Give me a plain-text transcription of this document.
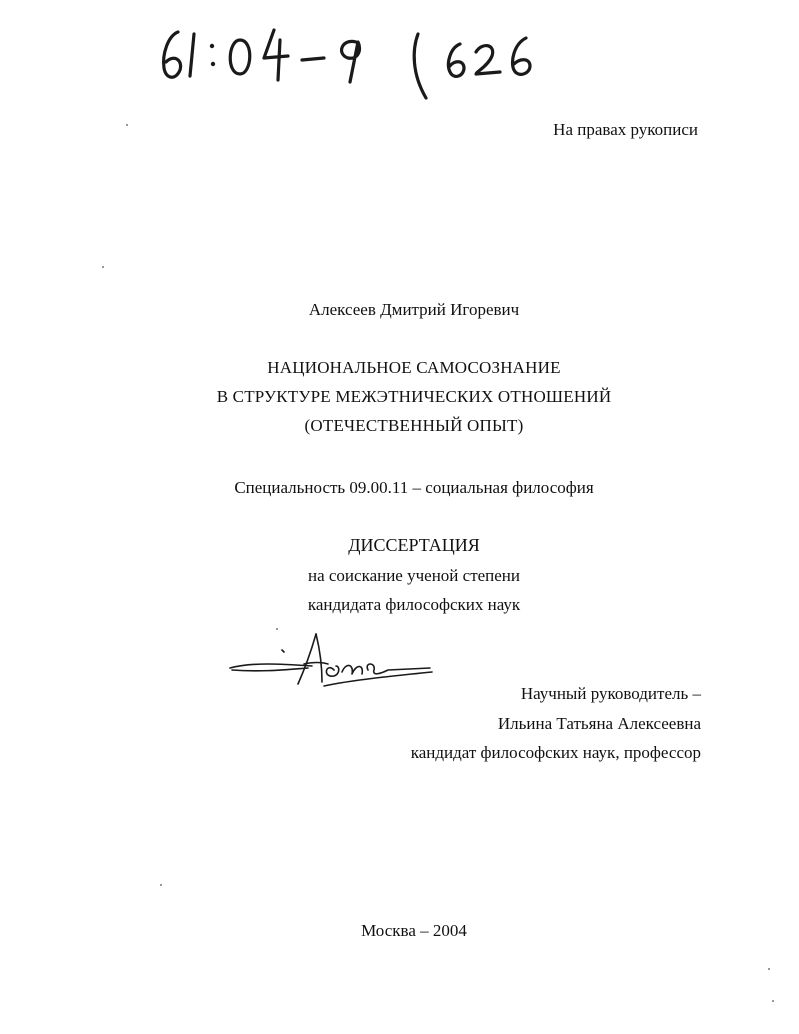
На правах рукописи
Алексеев Дмитрий Игоревич
НАЦИОНАЛЬНОЕ САМОСОЗНАНИЕ
В СТРУКТУРЕ МЕЖЭТНИЧЕСКИХ ОТНОШЕНИЙ
(ОТЕЧЕСТВЕННЫЙ ОПЫТ)
Специальность 09.00.11 – социальная философия
ДИССЕРТАЦИЯ
на соискание ученой степени
кандидата философских наук
Научный руководитель –
Ильина Татьяна Алексеевна
кандидат философских наук, профессор
Москва – 2004
